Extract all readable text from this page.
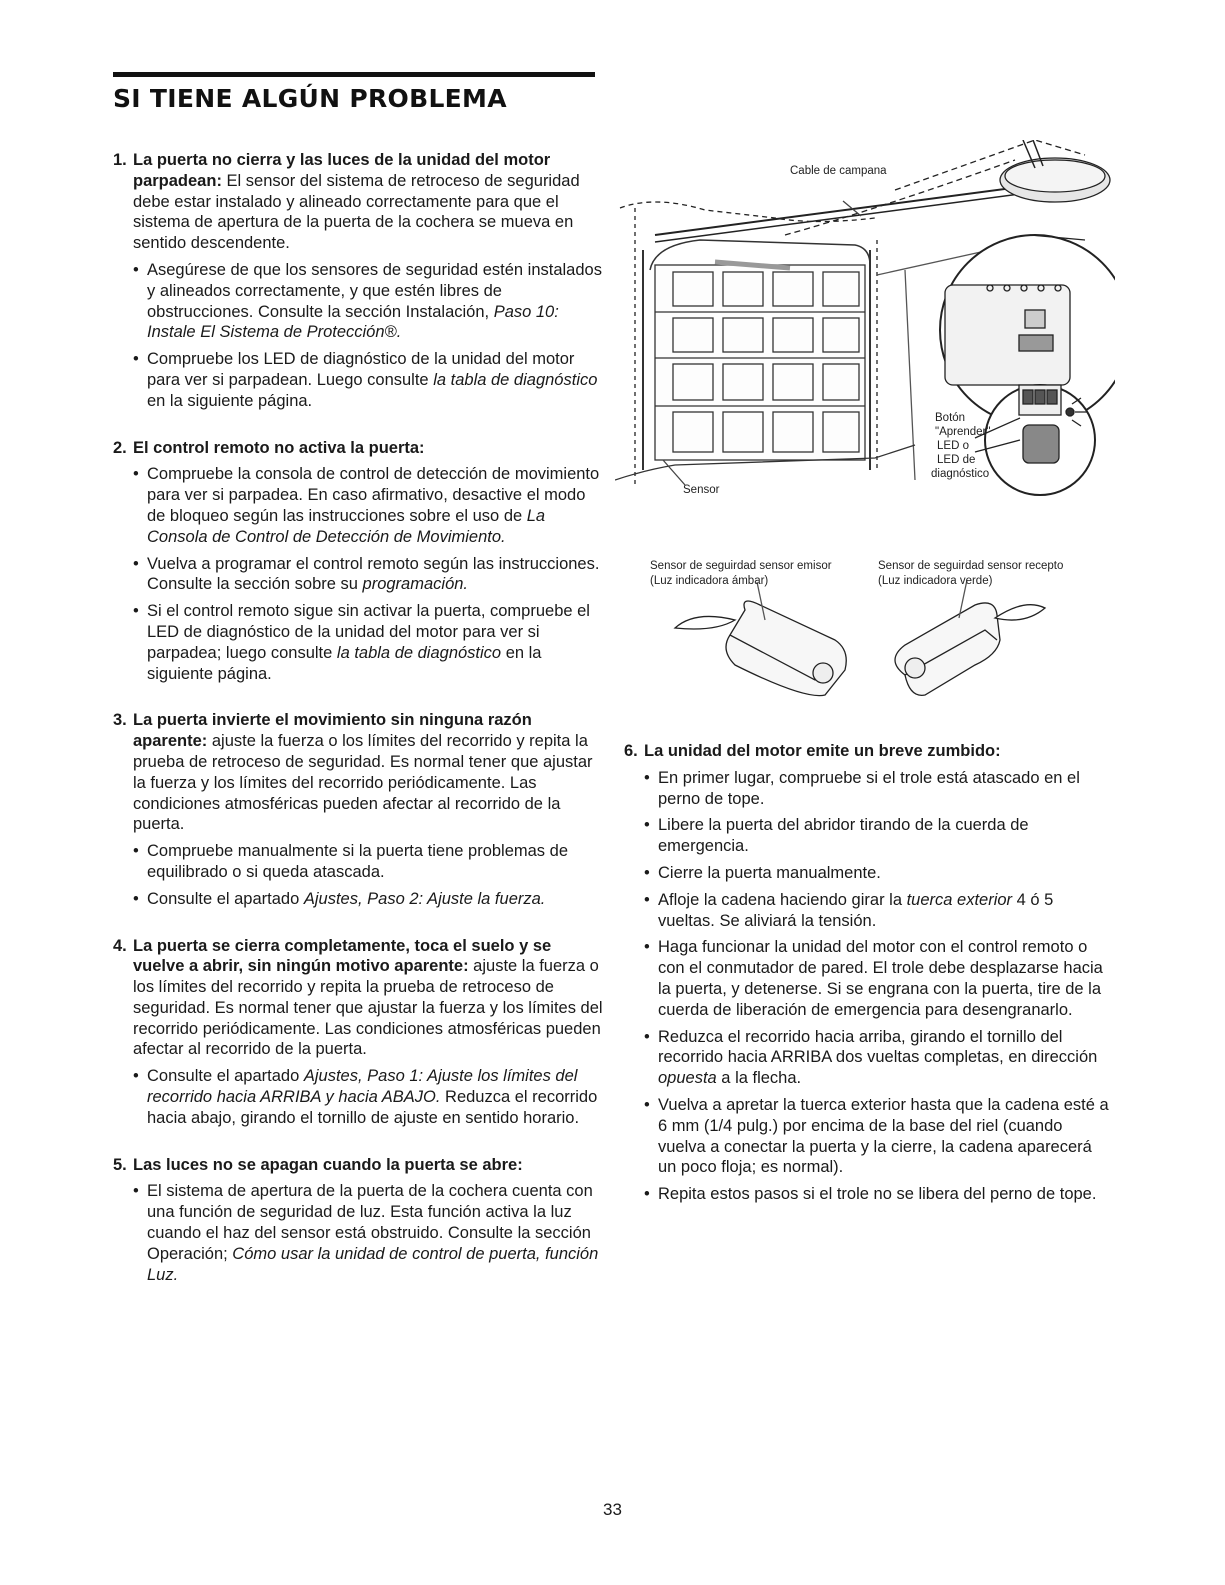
SI TIENE ALGÚN PROBLEMA
1. La puerta no cierra y las luces de la unidad del motor parpadean: El sensor del sistema de retroceso de seguridad debe estar instalado y alineado correctamente para que el sistema de apertura de la puerta de la cochera se mueva en sentido descendente.
• Asegúrese de que los sensores de seguridad estén instalados y alineados correctamente, y que estén libres de obstrucciones. Consulte la sección Instalación, Paso 10: Instale El Sistema de Protección®.
• Compruebe los LED de diagnóstico de la unidad del motor para ver si parpadean. Luego consulte la tabla de diagnóstico en la siguiente página.
2. El control remoto no activa la puerta:
• Compruebe la consola de control de detección de movimiento para ver si parpadea. En caso afirmativo, desactive el modo de bloqueo según las instrucciones sobre el uso de La Consola de Control de Detección de Movimiento.
• Vuelva a programar el control remoto según las instrucciones. Consulte la sección sobre su programación.
• Si el control remoto sigue sin activar la puerta, compruebe el LED de diagnóstico de la unidad del motor para ver si parpadea; luego consulte la tabla de diagnóstico en la siguiente página.
3. La puerta invierte el movimiento sin ninguna razón aparente: ajuste la fuerza o los límites del recorrido y repita la prueba de retroceso de seguridad. Es normal tener que ajustar la fuerza y los límites del recorrido periódicamente. Las condiciones atmosféricas pueden afectar al recorrido de la puerta.
• Compruebe manualmente si la puerta tiene problemas de equilibrado o si queda atascada.
• Consulte el apartado Ajustes, Paso 2: Ajuste la fuerza.
4. La puerta se cierra completamente, toca el suelo y se vuelve a abrir, sin ningún motivo aparente: ajuste la fuerza o los límites del recorrido y repita la prueba de retroceso de seguridad. Es normal tener que ajustar la fuerza y los límites del recorrido periódicamente. Las condiciones atmosféricas pueden afectar al recorrido de la puerta.
• Consulte el apartado Ajustes, Paso 1: Ajuste los límites del recorrido hacia ARRIBA y hacia ABAJO. Reduzca el recorrido hacia abajo, girando el tornillo de ajuste en sentido horario.
5. Las luces no se apagan cuando la puerta se abre:
• El sistema de apertura de la puerta de la cochera cuenta con una función de seguridad de luz. Esta función activa la luz cuando el haz del sensor está obstruido. Consulte la sección Operación; Cómo usar la unidad de control de puerta, función Luz.
Cable de campana
Sensor
Botón
"Aprender"
LED o
LED de
diagnóstico
Sensor de seguirdad sensor emisor
(Luz indicadora ámbar)
Sensor de seguirdad sensor recepto
(Luz indicadora verde)
6. La unidad del motor emite un breve zumbido:
• En primer lugar, compruebe si el trole está atascado en el perno de tope.
• Libere la puerta del abridor tirando de la cuerda de emergencia.
• Cierre la puerta manualmente.
• Afloje la cadena haciendo girar la tuerca exterior 4 ó 5 vueltas. Se aliviará la tensión.
• Haga funcionar la unidad del motor con el control remoto o con el conmutador de pared. El trole debe desplazarse hacia la puerta, y detenerse. Si se engrana con la puerta, tire de la cuerda de liberación de emergencia para desengranarlo.
• Reduzca el recorrido hacia arriba, girando el tornillo del recorrido hacia ARRIBA dos vueltas completas, en dirección opuesta a la flecha.
• Vuelva a apretar la tuerca exterior hasta que la cadena esté a 6 mm (1/4 pulg.) por encima de la base del riel (cuando vuelva a conectar la puerta y la cierre, la cadena aparecerá un poco floja; es normal).
• Repita estos pasos si el trole no se libera del perno de tope.
33
